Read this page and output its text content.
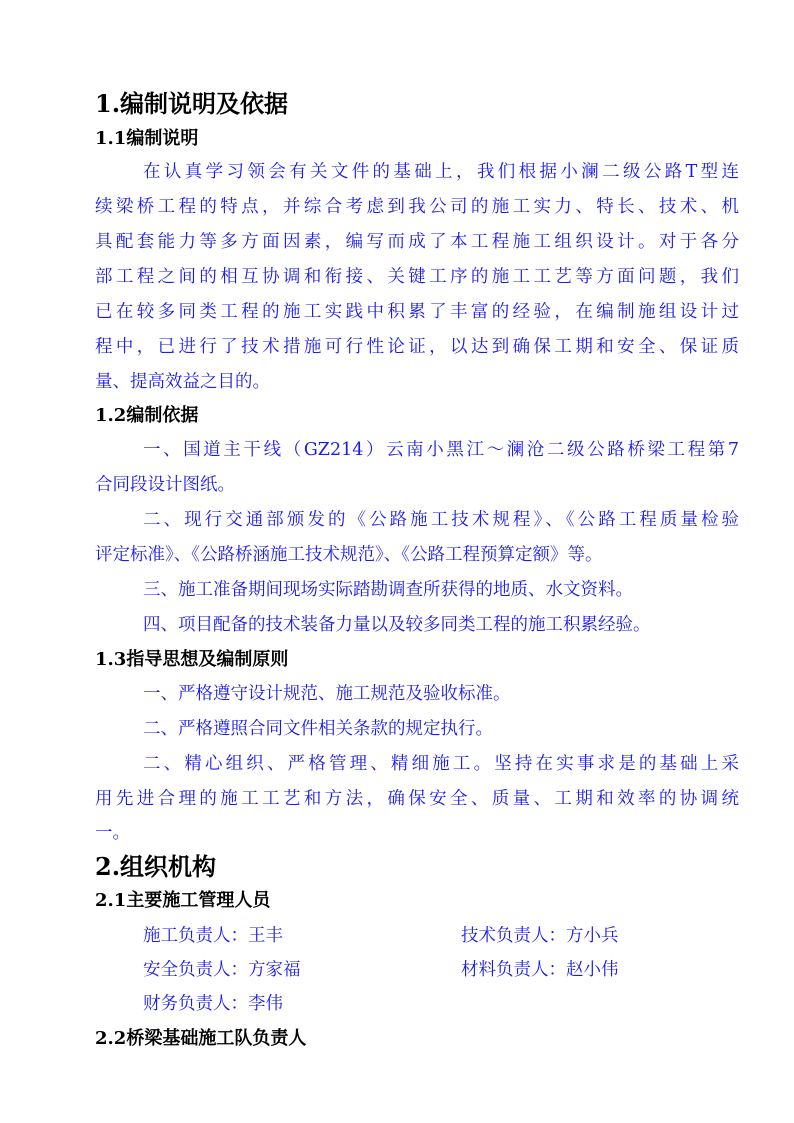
1.编制说明及依据
1.1编制说明
在认真学习领会有关文件的基础上，我们根据小澜二级公路T型连
续梁桥工程的特点，并综合考虑到我公司的施工实力、特长、技术、机
具配套能力等多方面因素，编写而成了本工程施工组织设计。对于各分
部工程之间的相互协调和衔接、关键工序的施工工艺等方面问题，我们
已在较多同类工程的施工实践中积累了丰富的经验，在编制施组设计过
程中，已进行了技术措施可行性论证，以达到确保工期和安全、保证质
量、提高效益之目的。
1.2编制依据
一、国道主干线（GZ214）云南小黑江～澜沧二级公路桥梁工程第7
合同段设计图纸。
二、现行交通部颁发的《公路施工技术规程》、《公路工程质量检验
评定标准》、《公路桥涵施工技术规范》、《公路工程预算定额》等。
三、施工准备期间现场实际踏勘调查所获得的地质、水文资料。
四、项目配备的技术装备力量以及较多同类工程的施工积累经验。
1.3指导思想及编制原则
一、严格遵守设计规范、施工规范及验收标准。
二、严格遵照合同文件相关条款的规定执行。
二、精心组织、严格管理、精细施工。坚持在实事求是的基础上采
用先进合理的施工工艺和方法，确保安全、质量、工期和效率的协调统
一。
2.组织机构
2.1主要施工管理人员
施工负责人：王丰	技术负责人：方小兵
安全负责人：方家福	材料负责人：赵小伟
财务负责人：李伟
2.2桥梁基础施工队负责人
